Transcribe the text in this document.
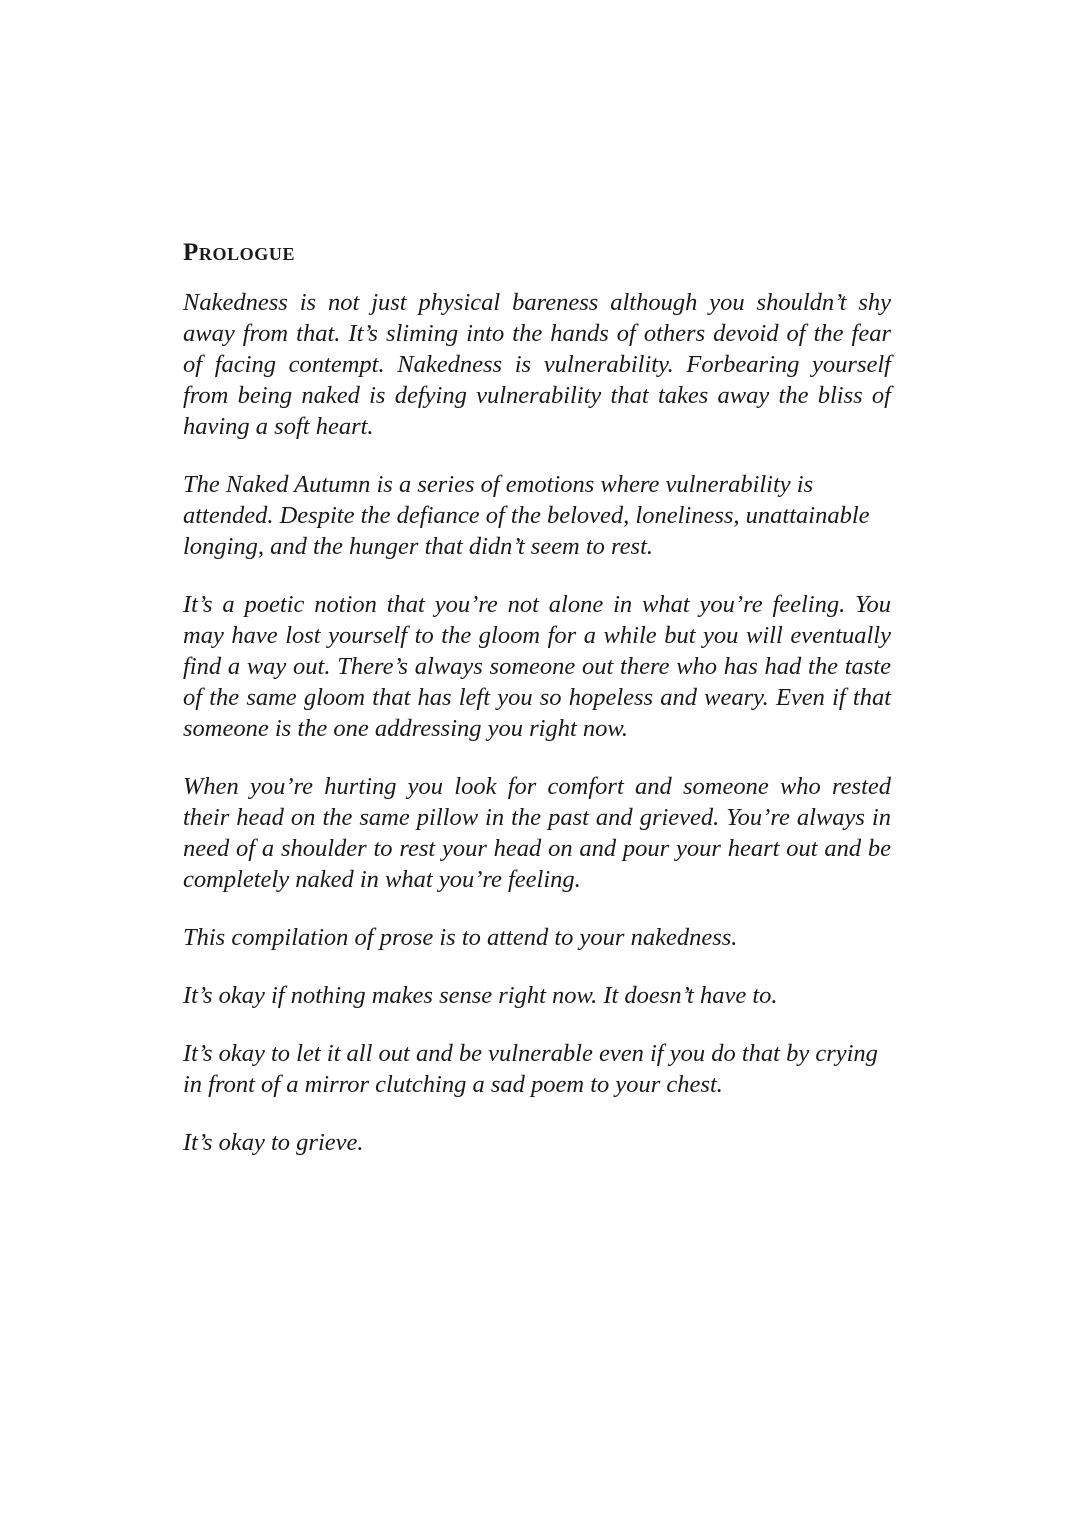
Prologue

Nakedness is not just physical bareness although you shouldn’t shy away from that. It’s sliming into the hands of others devoid of the fear of facing contempt. Nakedness is vulnerability. Forbearing yourself from being naked is defying vulnerability that takes away the bliss of having a soft heart.

The Naked Autumn is a series of emotions where vulnerability is attended. Despite the defiance of the beloved, loneliness, unattainable longing, and the hunger that didn’t seem to rest.

It’s a poetic notion that you’re not alone in what you’re feeling. You may have lost yourself to the gloom for a while but you will eventually find a way out. There’s always someone out there who has had the taste of the same gloom that has left you so hopeless and weary. Even if that someone is the one addressing you right now.

When you’re hurting you look for comfort and someone who rested their head on the same pillow in the past and grieved. You’re always in need of a shoulder to rest your head on and pour your heart out and be completely naked in what you’re feeling.

This compilation of prose is to attend to your nakedness.

It’s okay if nothing makes sense right now. It doesn’t have to.

It’s okay to let it all out and be vulnerable even if you do that by crying in front of a mirror clutching a sad poem to your chest.

It’s okay to grieve.
